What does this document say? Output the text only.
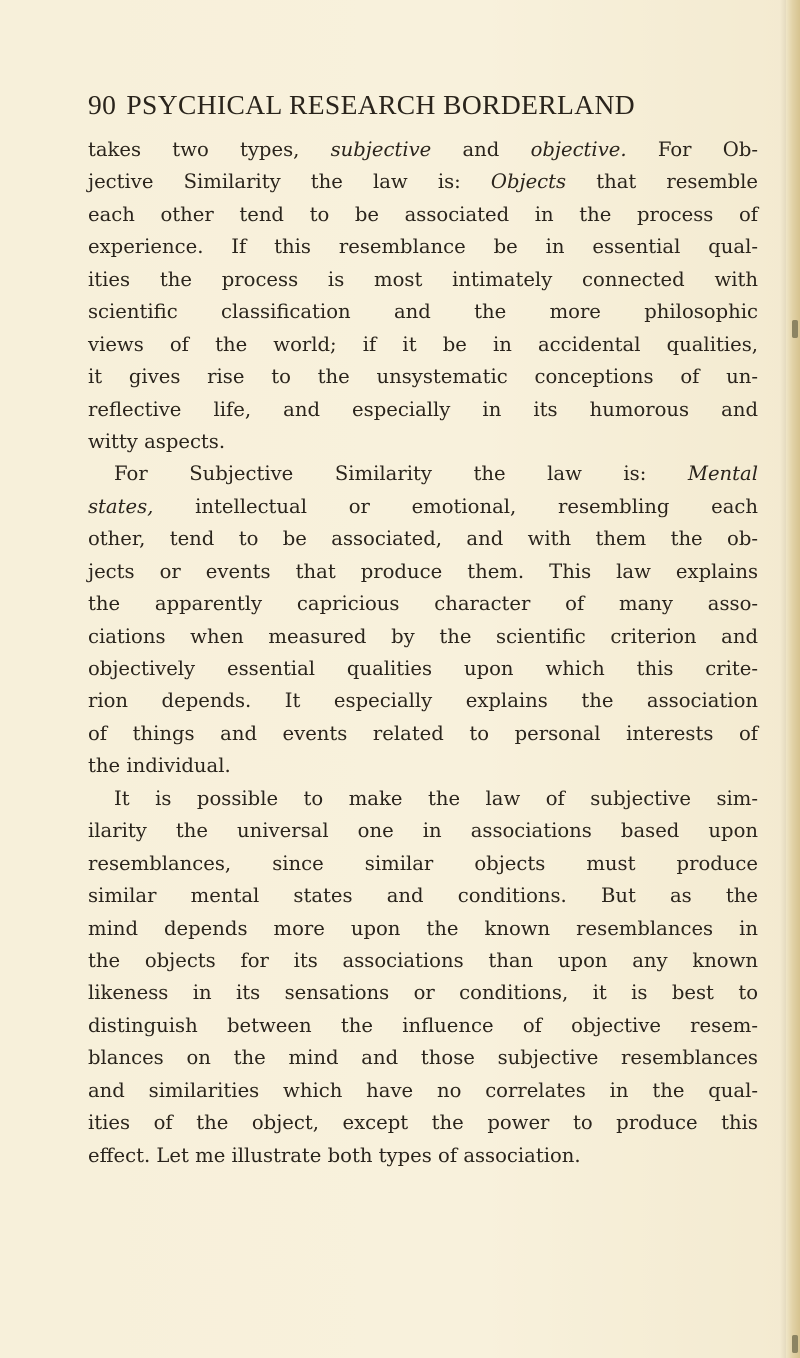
90 PSYCHICAL RESEARCH BORDERLAND
takes two types, subjective and objective. For Ob-
jective Similarity the law is: Objects that resemble
each other tend to be associated in the process of
experience. If this resemblance be in essential qual-
ities the process is most intimately connected with
scientific classification and the more philosophic
views of the world; if it be in accidental qualities,
it gives rise to the unsystematic conceptions of un-
reflective life, and especially in its humorous and
witty aspects.
For Subjective Similarity the law is: Mental
states, intellectual or emotional, resembling each
other, tend to be associated, and with them the ob-
jects or events that produce them. This law explains
the apparently capricious character of many asso-
ciations when measured by the scientific criterion and
objectively essential qualities upon which this crite-
rion depends. It especially explains the association
of things and events related to personal interests of
the individual.
It is possible to make the law of subjective sim-
ilarity the universal one in associations based upon
resemblances, since similar objects must produce
similar mental states and conditions. But as the
mind depends more upon the known resemblances in
the objects for its associations than upon any known
likeness in its sensations or conditions, it is best to
distinguish between the influence of objective resem-
blances on the mind and those subjective resemblances
and similarities which have no correlates in the qual-
ities of the object, except the power to produce this
effect. Let me illustrate both types of association.
